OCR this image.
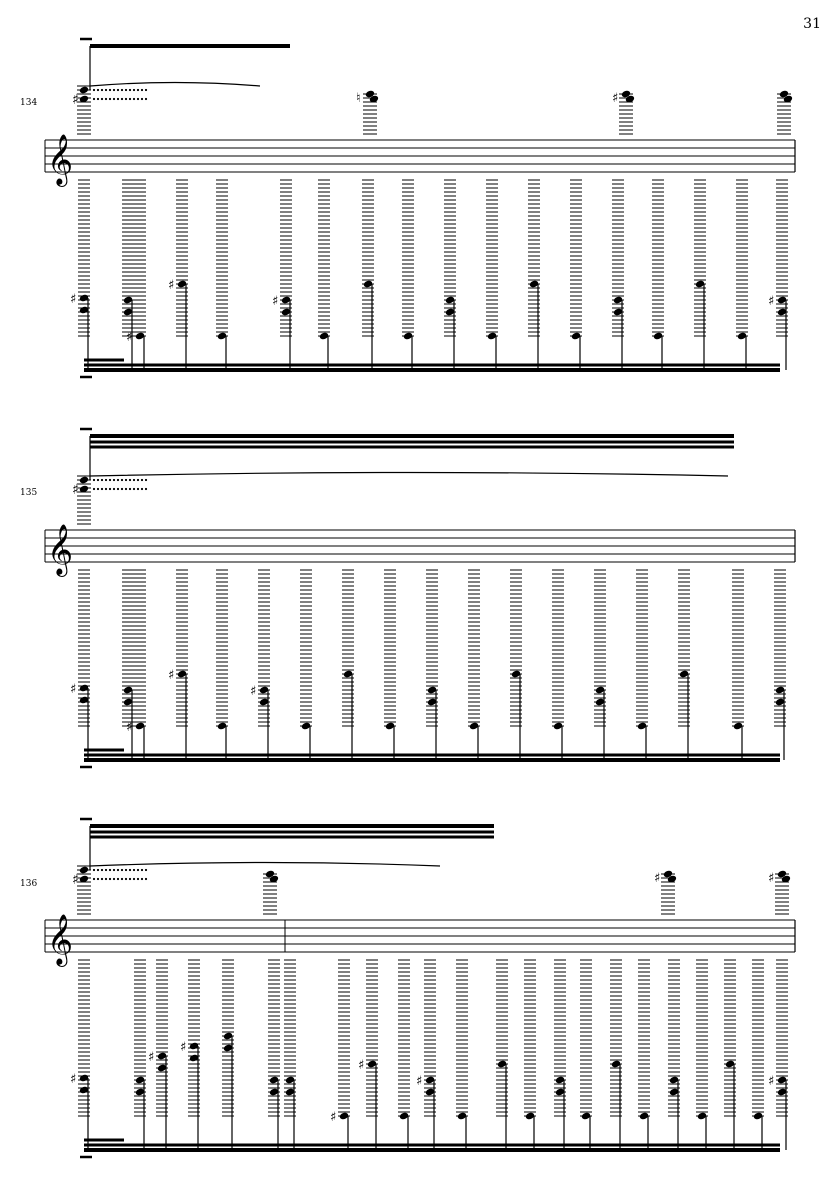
31
134
135
136
𝄞
♯	♮	♯
♯
♯
♯
♯	♯
𝄞
♯
♯
♯
♯
♯
𝄞
♯	♯	♯
♯
♯
♯
♯
♯
♯	♯
